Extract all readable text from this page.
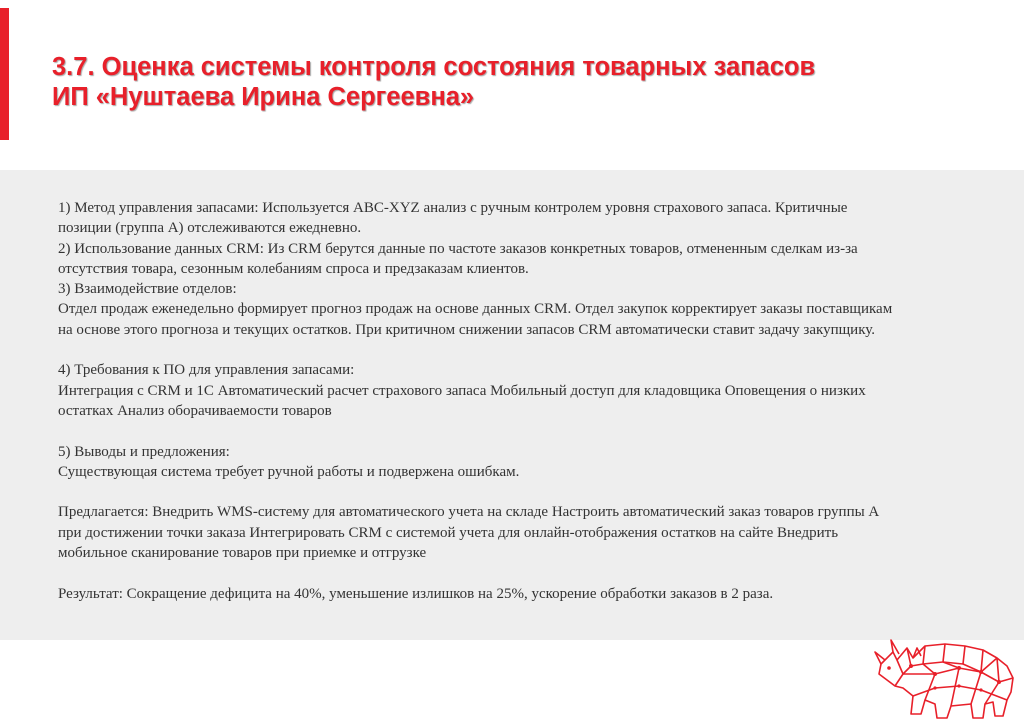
3.7. Оценка системы контроля состояния товарных запасов
ИП «Нуштаева Ирина Сергеевна»

1) Метод управления запасами: Используется ABC-XYZ анализ с ручным контролем уровня страхового запаса. Критичные

позиции (группа А) отслеживаются ежедневно.

2) Использование данных CRM: Из CRM берутся данные по частоте заказов конкретных товаров, отмененным сделкам из-за

отсутствия товара, сезонным колебаниям спроса и предзаказам клиентов.

3) Взаимодействие отделов:

Отдел продаж еженедельно формирует прогноз продаж на основе данных CRM. Отдел закупок корректирует заказы поставщикам

на основе этого прогноза и текущих остатков. При критичном снижении запасов CRM автоматически ставит задачу закупщику.

4) Требования к ПО для управления запасами:

Интеграция с CRM и 1С Автоматический расчет страхового запаса Мобильный доступ для кладовщика Оповещения о низких

остатках Анализ оборачиваемости товаров

5) Выводы и предложения:

Существующая система требует ручной работы и подвержена ошибкам.

Предлагается: Внедрить WMS-систему для автоматического учета на складе Настроить автоматический заказ товаров группы А

при достижении точки заказа Интегрировать CRM с системой учета для онлайн-отображения остатков на сайте Внедрить

мобильное сканирование товаров при приемке и отгрузке

Результат: Сокращение дефицита на 40%, уменьшение излишков на 25%, ускорение обработки заказов в 2 раза.
